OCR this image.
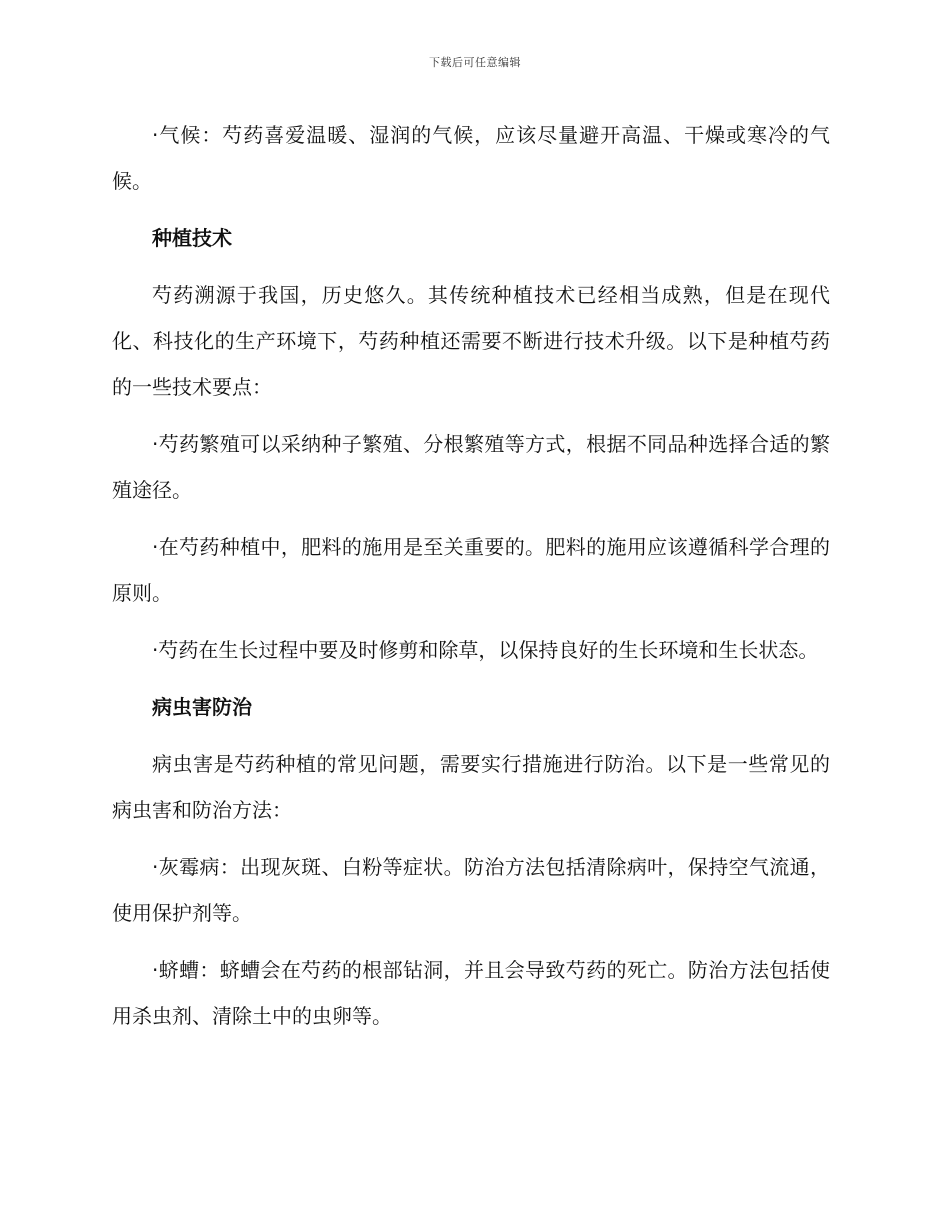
下载后可任意编辑

·气候：芍药喜爱温暖、湿润的气候，应该尽量避开高温、干燥或寒冷的气候。

种植技术

芍药溯源于我国，历史悠久。其传统种植技术已经相当成熟，但是在现代化、科技化的生产环境下，芍药种植还需要不断进行技术升级。以下是种植芍药的一些技术要点：

·芍药繁殖可以采纳种子繁殖、分根繁殖等方式，根据不同品种选择合适的繁殖途径。

·在芍药种植中，肥料的施用是至关重要的。肥料的施用应该遵循科学合理的原则。

·芍药在生长过程中要及时修剪和除草，以保持良好的生长环境和生长状态。

病虫害防治

病虫害是芍药种植的常见问题，需要实行措施进行防治。以下是一些常见的病虫害和防治方法：

·灰霉病：出现灰斑、白粉等症状。防治方法包括清除病叶，保持空气流通，使用保护剂等。

·蛴螬：蛴螬会在芍药的根部钻洞，并且会导致芍药的死亡。防治方法包括使用杀虫剂、清除土中的虫卵等。
